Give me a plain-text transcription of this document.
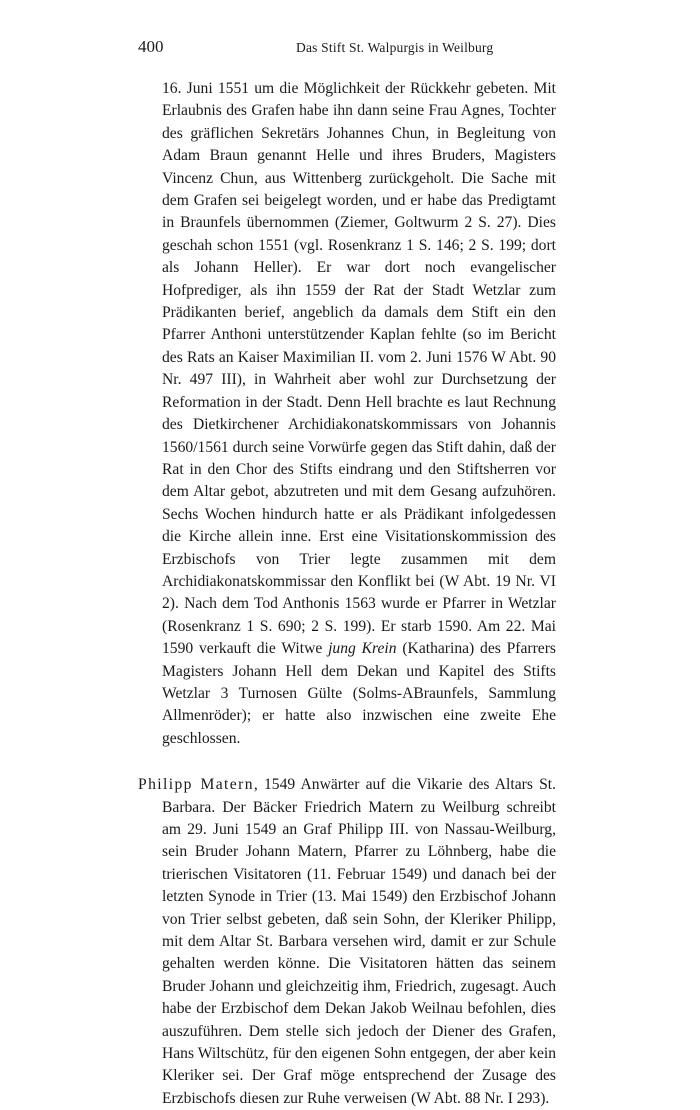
400	Das Stift St. Walpurgis in Weilburg

16. Juni 1551 um die Möglichkeit der Rückkehr gebeten. Mit Erlaubnis des Grafen habe ihn dann seine Frau Agnes, Tochter des gräflichen Sekretärs Johannes Chun, in Begleitung von Adam Braun genannt Helle und ihres Bruders, Magisters Vincenz Chun, aus Wittenberg zurückgeholt. Die Sache mit dem Grafen sei beigelegt worden, und er habe das Predigtamt in Braunfels übernommen (Ziemer, Goltwurm 2 S. 27). Dies geschah schon 1551 (vgl. Rosenkranz 1 S. 146; 2 S. 199; dort als Johann Heller). Er war dort noch evangelischer Hofprediger, als ihn 1559 der Rat der Stadt Wetzlar zum Prädikanten berief, angeblich da damals dem Stift ein den Pfarrer Anthoni unterstützender Kaplan fehlte (so im Bericht des Rats an Kaiser Maximilian II. vom 2. Juni 1576 W Abt. 90 Nr. 497 III), in Wahrheit aber wohl zur Durchsetzung der Reformation in der Stadt. Denn Hell brachte es laut Rechnung des Dietkirchener Archidiakonatskommissars von Johannis 1560/1561 durch seine Vorwürfe gegen das Stift dahin, daß der Rat in den Chor des Stifts eindrang und den Stiftsherren vor dem Altar gebot, abzutreten und mit dem Gesang aufzuhören. Sechs Wochen hindurch hatte er als Prädikant infolgedessen die Kirche allein inne. Erst eine Visitationskommission des Erzbischofs von Trier legte zusammen mit dem Archidiakonatskommissar den Konflikt bei (W Abt. 19 Nr. VI 2). Nach dem Tod Anthonis 1563 wurde er Pfarrer in Wetzlar (Rosenkranz 1 S. 690; 2 S. 199). Er starb 1590. Am 22. Mai 1590 verkauft die Witwe jung Krein (Katharina) des Pfarrers Magisters Johann Hell dem Dekan und Kapitel des Stifts Wetzlar 3 Turnosen Gülte (Solms-ABraunfels, Sammlung Allmenröder); er hatte also inzwischen eine zweite Ehe geschlossen.

Philipp Matern, 1549 Anwärter auf die Vikarie des Altars St. Barbara. Der Bäcker Friedrich Matern zu Weilburg schreibt am 29. Juni 1549 an Graf Philipp III. von Nassau-Weilburg, sein Bruder Johann Matern, Pfarrer zu Löhnberg, habe die trierischen Visitatoren (11. Februar 1549) und danach bei der letzten Synode in Trier (13. Mai 1549) den Erzbischof Johann von Trier selbst gebeten, daß sein Sohn, der Kleriker Philipp, mit dem Altar St. Barbara versehen wird, damit er zur Schule gehalten werden könne. Die Visitatoren hätten das seinem Bruder Johann und gleichzeitig ihm, Friedrich, zugesagt. Auch habe der Erzbischof dem Dekan Jakob Weilnau befohlen, dies auszuführen. Dem stelle sich jedoch der Diener des Grafen, Hans Wiltschütz, für den eigenen Sohn entgegen, der aber kein Kleriker sei. Der Graf möge entsprechend der Zusage des Erzbischofs diesen zur Ruhe verweisen (W Abt. 88 Nr. I 293).
